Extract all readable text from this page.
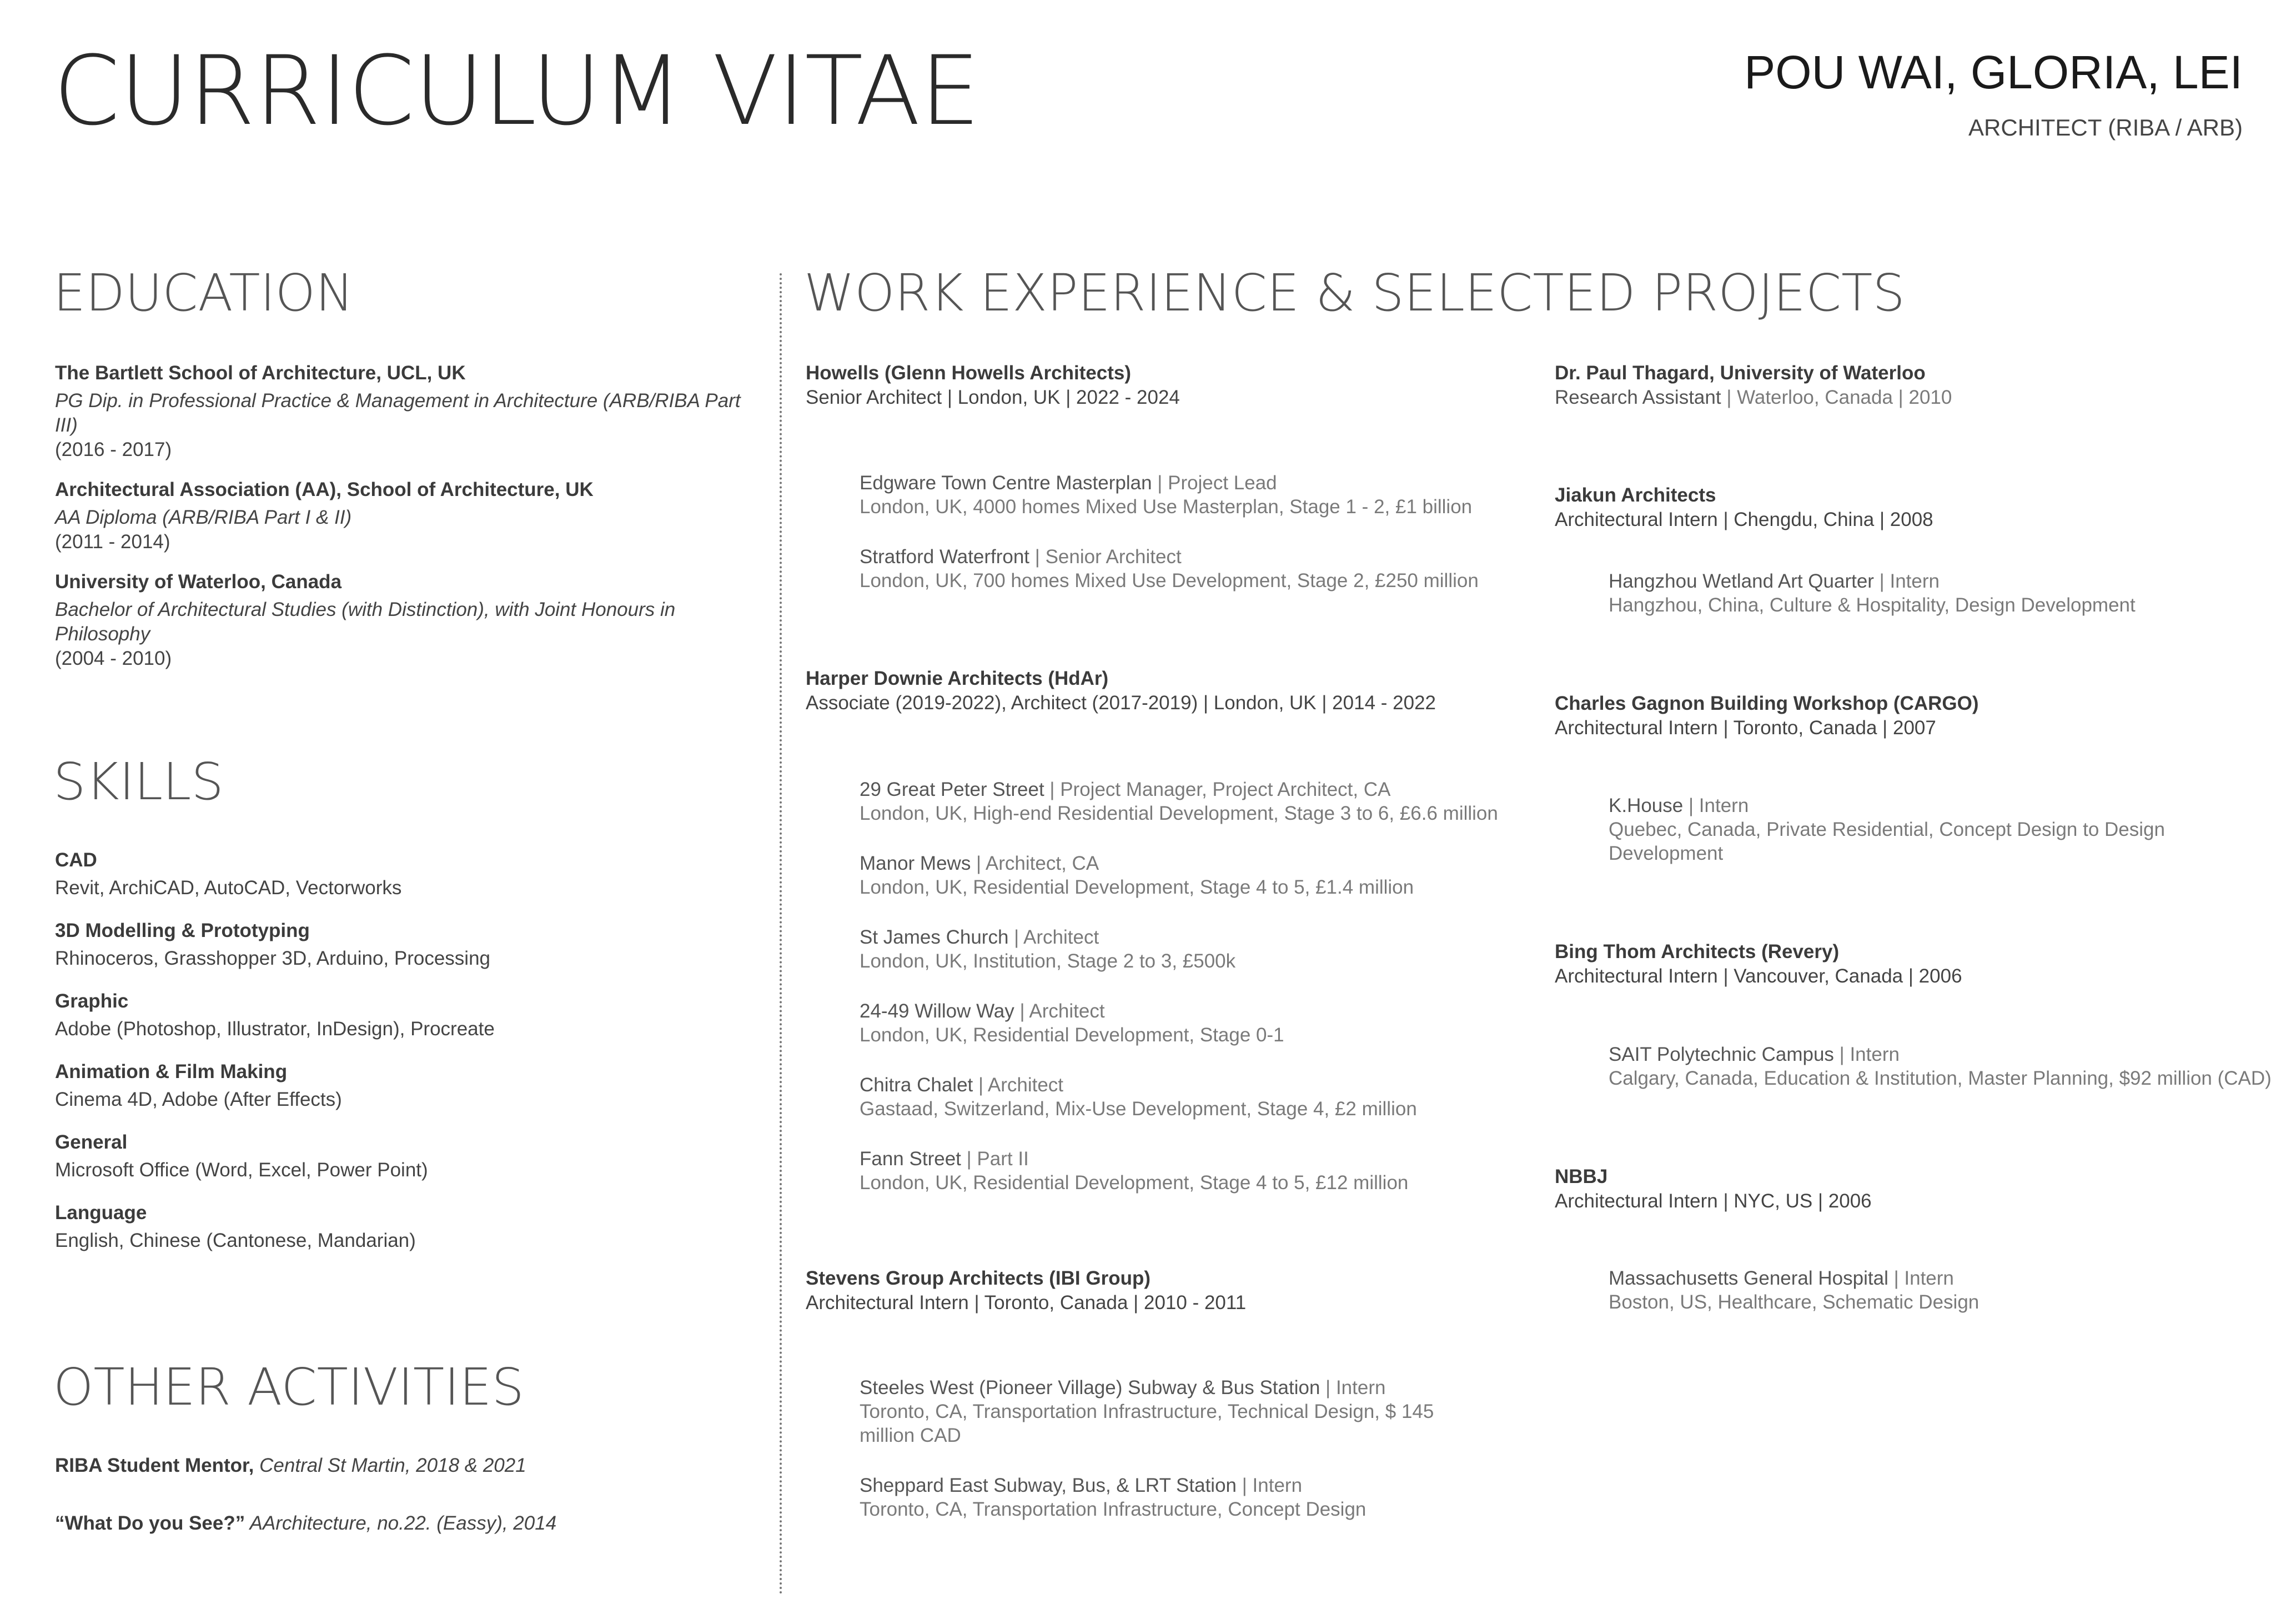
CURRICULUM VITAE	POU WAI, GLORIA, LEI
ARCHITECT (RIBA / ARB)
EDUCATION
The Bartlett School of Architecture, UCL, UK
PG Dip. in Professional Practice & Management in Architecture (ARB/RIBA Part III)
(2016 - 2017)
Architectural Association (AA), School of Architecture, UK
AA Diploma (ARB/RIBA Part I & II)
(2011 - 2014)
University of Waterloo, Canada
Bachelor of Architectural Studies (with Distinction), with Joint Honours in Philosophy
(2004 - 2010)
SKILLS
CAD
Revit, ArchiCAD, AutoCAD, Vectorworks
3D Modelling & Prototyping
Rhinoceros, Grasshopper 3D, Arduino, Processing
Graphic
Adobe (Photoshop, Illustrator, InDesign), Procreate
Animation & Film Making
Cinema 4D, Adobe (After Effects)
General
Microsoft Office (Word, Excel, Power Point)
Language
English, Chinese (Cantonese, Mandarian)
OTHER ACTIVITIES
RIBA Student Mentor, Central St Martin, 2018 & 2021
“What Do you See?” AArchitecture, no.22. (Eassy), 2014
WORK EXPERIENCE & SELECTED PROJECTS
Howells (Glenn Howells Architects)
Senior Architect | London, UK | 2022 - 2024
Edgware Town Centre Masterplan | Project Lead
London, UK, 4000 homes Mixed Use Masterplan, Stage 1 - 2, £1 billion
Stratford Waterfront | Senior Architect
London, UK, 700 homes Mixed Use Development, Stage 2, £250 million
Harper Downie Architects (HdAr)
Associate (2019-2022), Architect (2017-2019) | London, UK | 2014 - 2022
29 Great Peter Street | Project Manager, Project Architect, CA
London, UK, High-end Residential Development, Stage 3 to 6, £6.6 million
Manor Mews | Architect, CA
London, UK, Residential Development, Stage 4 to 5, £1.4 million
St James Church | Architect
London, UK, Institution, Stage 2 to 3, £500k
24-49 Willow Way | Architect
London, UK, Residential Development, Stage 0-1
Chitra Chalet | Architect
Gastaad, Switzerland, Mix-Use Development, Stage 4, £2 million
Fann Street | Part II
London, UK, Residential Development, Stage 4 to 5, £12 million
Stevens Group Architects (IBI Group)
Architectural Intern | Toronto, Canada | 2010 - 2011
Steeles West (Pioneer Village) Subway & Bus Station | Intern
Toronto, CA, Transportation Infrastructure, Technical Design, $ 145 million CAD
Sheppard East Subway, Bus, & LRT Station | Intern
Toronto, CA, Transportation Infrastructure, Concept Design
Dr. Paul Thagard, University of Waterloo
Research Assistant | Waterloo, Canada | 2010
Jiakun Architects
Architectural Intern | Chengdu, China | 2008
Hangzhou Wetland Art Quarter | Intern
Hangzhou, China, Culture & Hospitality, Design Development
Charles Gagnon Building Workshop (CARGO)
Architectural Intern | Toronto, Canada | 2007
K.House | Intern
Quebec, Canada, Private Residential, Concept Design to Design Development
Bing Thom Architects (Revery)
Architectural Intern | Vancouver, Canada | 2006
SAIT Polytechnic Campus | Intern
Calgary, Canada, Education & Institution, Master Planning, $92 million (CAD)
NBBJ
Architectural Intern | NYC, US | 2006
Massachusetts General Hospital | Intern
Boston, US, Healthcare, Schematic Design
